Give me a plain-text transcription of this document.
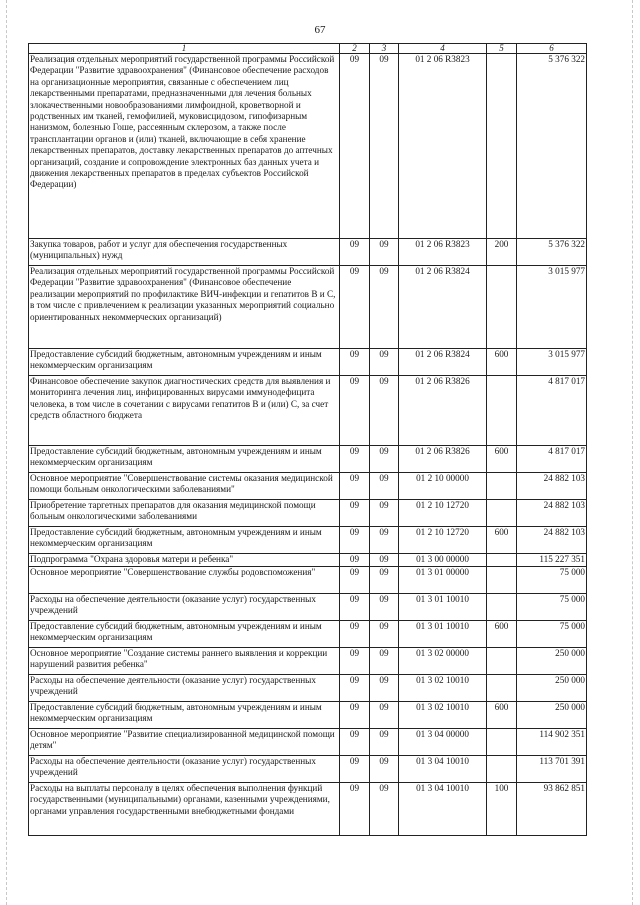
67
1	2	3	4	5	6
Реализация отдельных мероприятий государственной программы Российской Федерации "Развитие здравоохранения" (Финансовое обеспечение расходов на организационные мероприятия, связанные с обеспечением лиц лекарственными препаратами, предназначенными для лечения больных злокачественными новообразованиями лимфоидной, кроветворной и родственных им тканей, гемофилией, муковисцидозом, гипофизарным нанизмом, болезнью Гоше, рассеянным склерозом, а также после трансплантации органов и (или) тканей, включающие в себя хранение лекарственных препаратов, доставку лекарственных препаратов до аптечных организаций, создание и сопровождение электронных баз данных учета и движения лекарственных препаратов в пределах субъектов Российской Федерации)	09	09	01 2 06 R3823		5 376 322
Закупка товаров, работ и услуг для обеспечения государственных (муниципальных) нужд	09	09	01 2 06 R3823	200	5 376 322
Реализация отдельных мероприятий государственной программы Российской Федерации "Развитие здравоохранения" (Финансовое обеспечение реализации мероприятий по профилактике ВИЧ-инфекции и гепатитов В и С, в том числе с привлечением к реализации указанных мероприятий социально ориентированных некоммерческих организаций)	09	09	01 2 06 R3824		3 015 977
Предоставление субсидий бюджетным, автономным учреждениям и иным некоммерческим организациям	09	09	01 2 06 R3824	600	3 015 977
Финансовое обеспечение закупок диагностических средств для выявления и мониторинга лечения лиц, инфицированных вирусами иммунодефицита человека, в том числе в сочетании с вирусами гепатитов В и (или) С, за счет средств областного бюджета	09	09	01 2 06 R3826		4 817 017
Предоставление субсидий бюджетным, автономным учреждениям и иным некоммерческим организациям	09	09	01 2 06 R3826	600	4 817 017
Основное мероприятие "Совершенствование системы оказания медицинской помощи больным онкологическими заболеваниями"	09	09	01 2 10 00000		24 882 103
Приобретение таргетных препаратов для оказания медицинской помощи больным онкологическими заболеваниями	09	09	01 2 10 12720		24 882 103
Предоставление субсидий бюджетным, автономным учреждениям и иным некоммерческим организациям	09	09	01 2 10 12720	600	24 882 103
Подпрограмма "Охрана здоровья матери и ребенка"	09	09	01 3 00 00000		115 227 351
Основное мероприятие "Совершенствование службы родовспоможения"	09	09	01 3 01 00000		75 000
Расходы на обеспечение деятельности (оказание услуг) государственных учреждений	09	09	01 3 01 10010		75 000
Предоставление субсидий бюджетным, автономным учреждениям и иным некоммерческим организациям	09	09	01 3 01 10010	600	75 000
Основное мероприятие "Создание системы раннего выявления и коррекции нарушений развития ребенка"	09	09	01 3 02 00000		250 000
Расходы на обеспечение деятельности (оказание услуг) государственных учреждений	09	09	01 3 02 10010		250 000
Предоставление субсидий бюджетным, автономным учреждениям и иным некоммерческим организациям	09	09	01 3 02 10010	600	250 000
Основное мероприятие "Развитие специализированной медицинской помощи детям"	09	09	01 3 04 00000		114 902 351
Расходы на обеспечение деятельности (оказание услуг) государственных учреждений	09	09	01 3 04 10010		113 701 391
Расходы на выплаты персоналу в целях обеспечения выполнения функций государственными (муниципальными) органами, казенными учреждениями, органами управления государственными внебюджетными фондами	09	09	01 3 04 10010	100	93 862 851
